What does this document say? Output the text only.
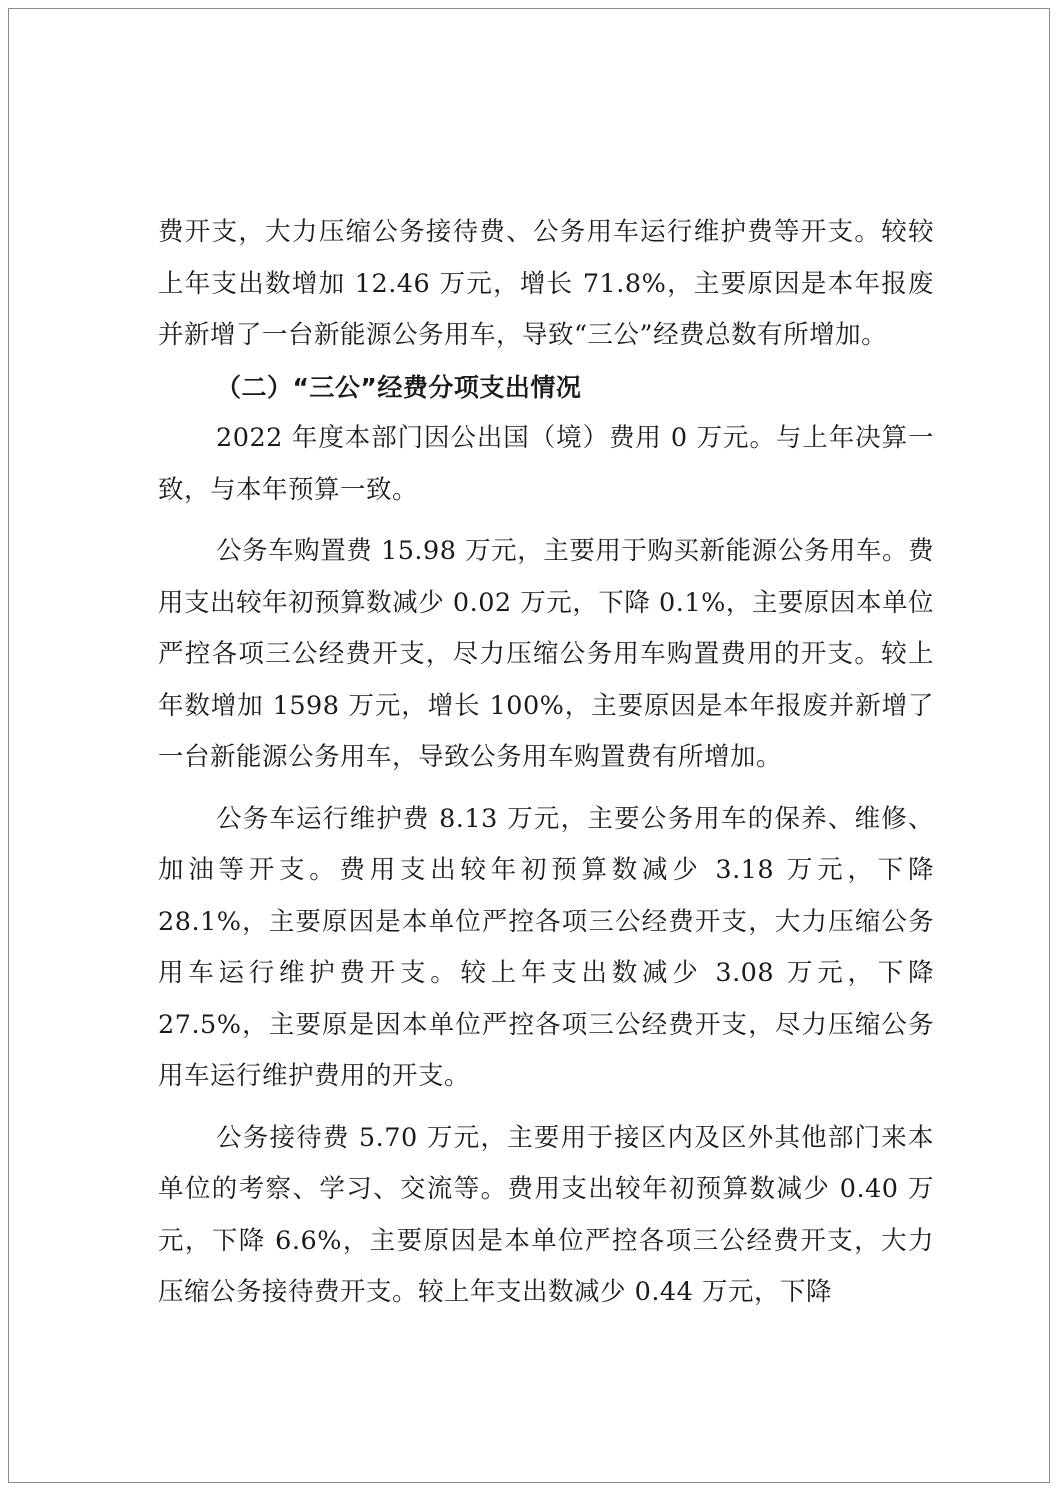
费开支，大力压缩公务接待费、公务用车运行维护费等开支。较较上年支出数增加 12.46 万元，增长 71.8%，主要原因是本年报废并新增了一台新能源公务用车，导致“三公”经费总数有所增加。

（二）“三公”经费分项支出情况

2022 年度本部门因公出国（境）费用 0 万元。与上年决算一致，与本年预算一致。

公务车购置费 15.98 万元，主要用于购买新能源公务用车。费用支出较年初预算数减少 0.02 万元，下降 0.1%，主要原因本单位严控各项三公经费开支，尽力压缩公务用车购置费用的开支。较上年数增加 1598 万元，增长 100%，主要原因是本年报废并新增了一台新能源公务用车，导致公务用车购置费有所增加。

公务车运行维护费 8.13 万元，主要公务用车的保养、维修、加油等开支。费用支出较年初预算数减少 3.18 万元，下降 28.1%，主要原因是本单位严控各项三公经费开支，大力压缩公务用车运行维护费开支。较上年支出数减少 3.08 万元，下降 27.5%，主要原是因本单位严控各项三公经费开支，尽力压缩公务用车运行维护费用的开支。

公务接待费 5.70 万元，主要用于接区内及区外其他部门来本单位的考察、学习、交流等。费用支出较年初预算数减少 0.40 万元，下降 6.6%，主要原因是本单位严控各项三公经费开支，大力压缩公务接待费开支。较上年支出数减少 0.44 万元，下降
